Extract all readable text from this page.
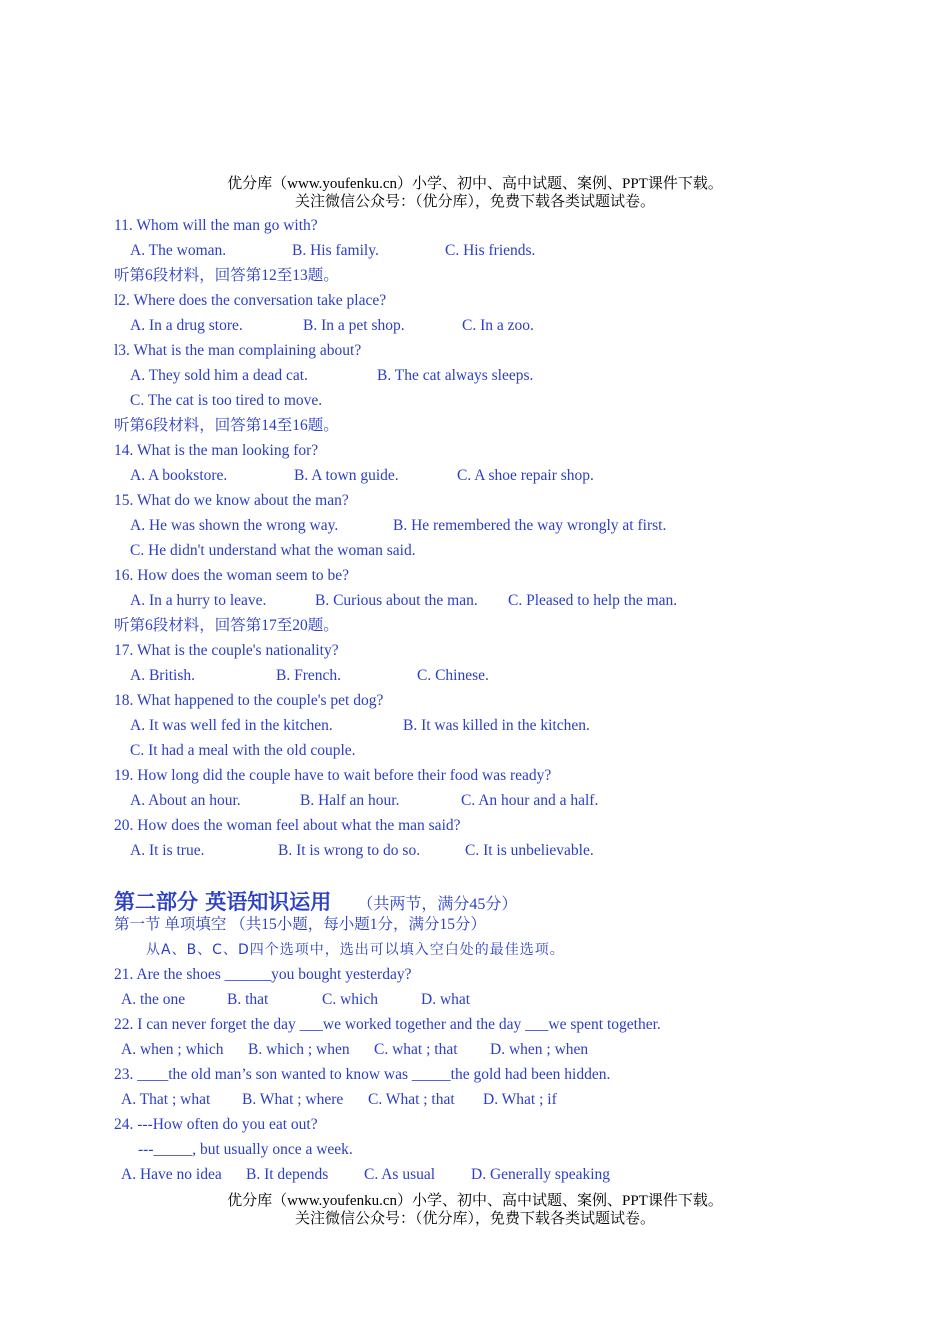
优分库（www.youfenku.cn）小学、初中、高中试题、案例、PPT课件下载。
关注微信公众号：（优分库），免费下载各类试题试卷。
11. Whom will the man go with?
A. The woman.	B. His family.	C. His friends.
听第6段材料，回答第12至13题。
l2. Where does the conversation take place?
A. In a drug store.	B. In a pet shop.	C. In a zoo.
l3. What is the man complaining about?
A. They sold him a dead cat.	B. The cat always sleeps.
C. The cat is too tired to move.
听第6段材料，回答第14至16题。
14. What is the man looking for?
A. A bookstore.	B. A town guide.	C. A shoe repair shop.
15. What do we know about the man?
A. He was shown the wrong way.	B. He remembered the way wrongly at first.
C. He didn't understand what the woman said.
16. How does the woman seem to be?
A. In a hurry to leave.	B. Curious about the man. C. Pleased to help the man.
听第6段材料，回答第17至20题。
17. What is the couple's nationality?
A. British.	B. French.	C. Chinese.
18. What happened to the couple's pet dog?
A. It was well fed in the kitchen.	B. It was killed in the kitchen.
C. It had a meal with the old couple.
19. How long did the couple have to wait before their food was ready?
A. About an hour.	B. Half an hour.	C. An hour and a half.
20. How does the woman feel about what the man said?
A. It is true.	B. It is wrong to do so.	C. It is unbelievable.
第二部分 英语知识运用 （共两节，满分45分）
第一节 单项填空 （共15小题，每小题1分，满分15分）
从A、B、C、D四个选项中，选出可以填入空白处的最佳选项。
21. Are the shoes ______you bought yesterday?
A. the one	B. that	C. which	D. what
22. I can never forget the day ___we worked together and the day ___we spent together.
A. when ; which B. which ; when C. what ; that D. when ; when
23. ____the old man’s son wanted to know was _____the gold had been hidden.
A. That ; what B. What ; where C. What ; that D. What ; if
24. ---How often do you eat out?
---_____, but usually once a week.
A. Have no idea B. It depends C. As usual D. Generally speaking
优分库（www.youfenku.cn）小学、初中、高中试题、案例、PPT课件下载。
关注微信公众号：（优分库），免费下载各类试题试卷。
